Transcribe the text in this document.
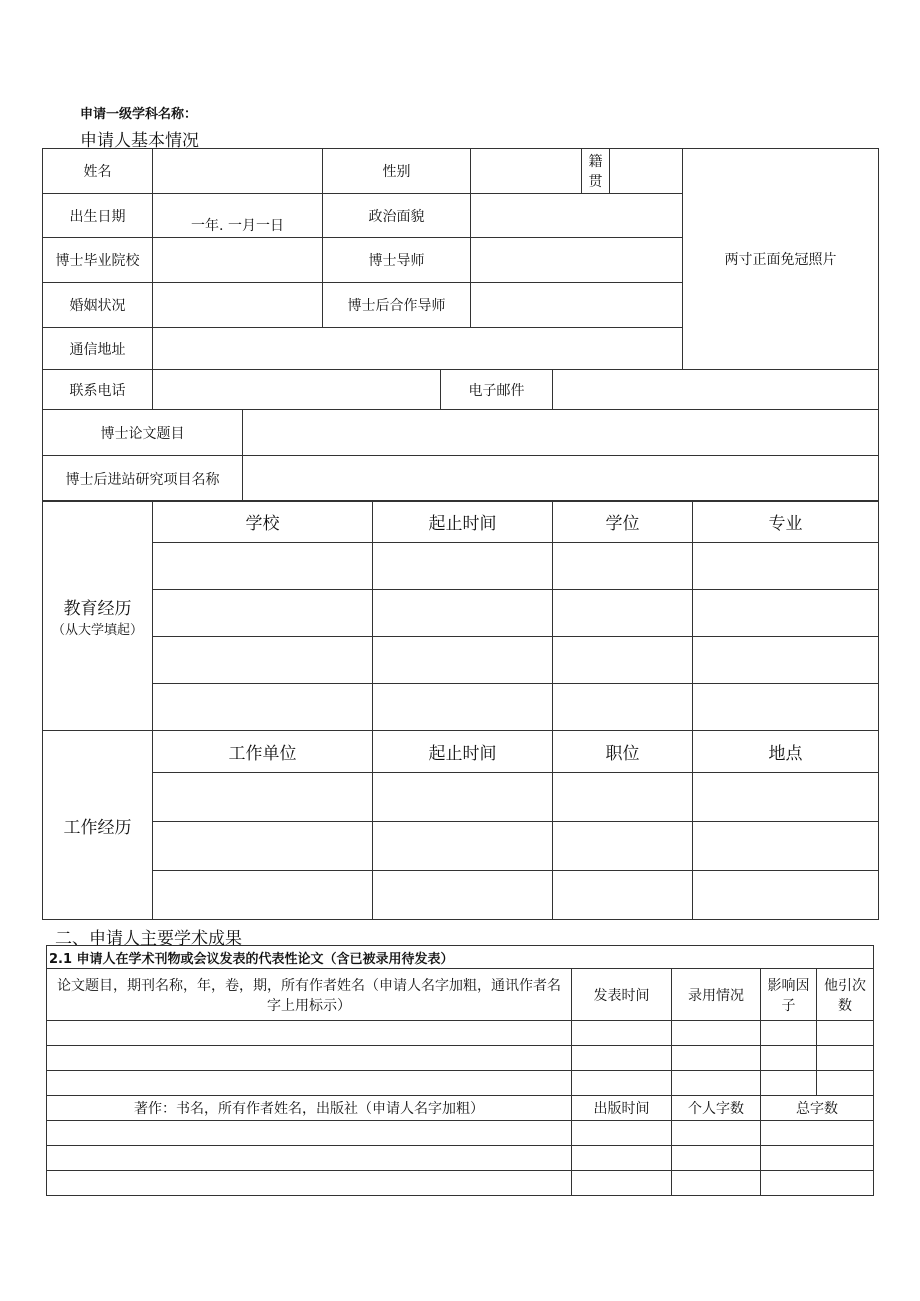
申请一级学科名称：
申请人基本情况
姓名			性别				籍贯		两寸正面免冠照片
出生日期	一年. 一月一日		政治面貌						
博士毕业院校			博士导师						
婚姻状况			博士后合作导师						
通信地址									
联系电话				电子邮件					
博士论文题目									
博士后进站研究项目名称									
教育经历
（从大学填起）	学校	起止时间	学位	专业

工作经历	工作单位	起止时间	职位	地点

二、申请人主要学术成果
2.1 申请人在学术刊物或会议发表的代表性论文（含已被录用待发表）				
论文题目，期刊名称，年，卷，期，所有作者姓名（申请人名字加粗，通讯作者名字上用标示）	发表时间	录用情况	影响因子	他引次数

著作：书名，所有作者姓名，出版社（申请人名字加粗）	出版时间	个人字数	总字数	
